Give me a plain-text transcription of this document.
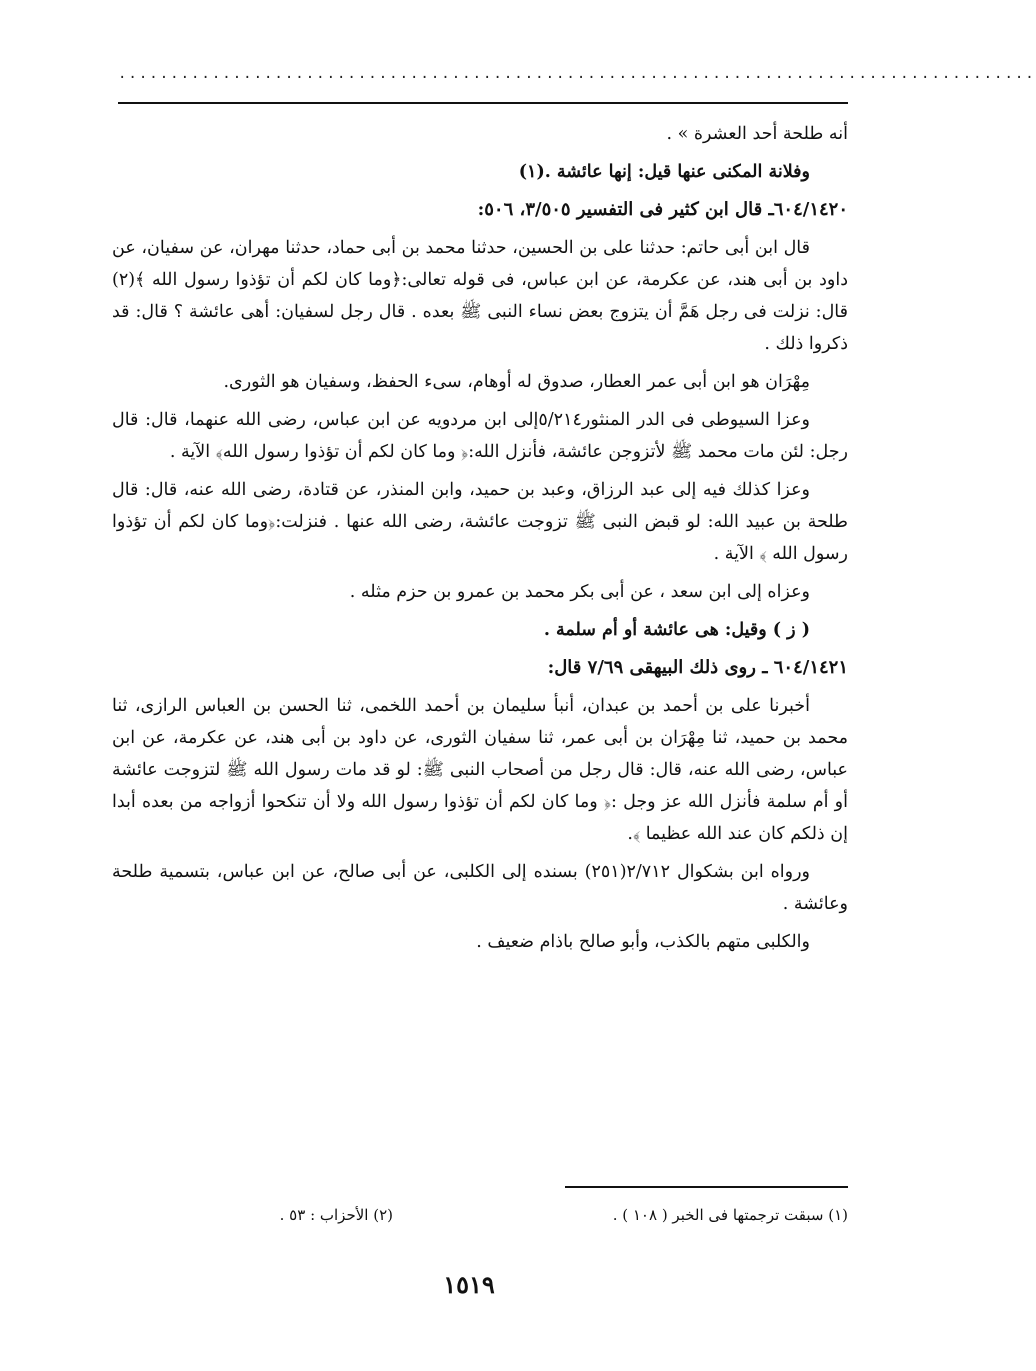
........................................................................................

أنه طلحة أحد العشرة » .

وفلانة المكنى عنها قيل: إنها عائشة .(١)

٦٠٤/١٤٢٠ـ قال ابن كثير فى التفسير ٣/٥٠٥، ٥٠٦:

قال ابن أبى حاتم: حدثنا على بن الحسين، حدثنا محمد بن أبى حماد، حدثنا مهران، عن سفيان، عن داود بن أبى هند، عن عكرمة، عن ابن عباس، فى قوله تعالى:﴿وما كان لكم أن تؤذوا رسول الله ﴾(٢) قال: نزلت فى رجل هَمَّ أن يتزوج بعض نساء النبى ﷺ بعده . قال رجل لسفيان: أهى عائشة ؟ قال: قد ذكروا ذلك .

مِهْرَان هو ابن أبى عمر العطار، صدوق له أوهام، سىء الحفظ، وسفيان هو الثورى.

وعزا السيوطى فى الدر المنثور٥/٢١٤إلى ابن مردويه عن ابن عباس، رضى الله عنهما، قال: قال رجل: لئن مات محمد ﷺ لأتزوجن عائشة، فأنزل الله:﴿ وما كان لكم أن تؤذوا رسول الله﴾ الآية .

وعزا كذلك فيه إلى عبد الرزاق، وعبد بن حميد، وابن المنذر، عن قتادة، رضى الله عنه، قال: قال طلحة بن عبيد الله: لو قبض النبى ﷺ تزوجت عائشة، رضى الله عنها . فنزلت:﴿وما كان لكم أن تؤذوا رسول الله ﴾ الآية .

وعزاه إلى ابن سعد ، عن أبى بكر محمد بن عمرو بن حزم مثله .

( ز ) وقيل: هى عائشة أو أم سلمة .

٦٠٤/١٤٢١ ـ روى ذلك البيهقى ٧/٦٩ قال:

أخبرنا على بن أحمد بن عبدان، أنبأ سليمان بن أحمد اللخمى، ثنا الحسن بن العباس الرازى، ثنا محمد بن حميد، ثنا مِهْرَان بن أبى عمر، ثنا سفيان الثورى، عن داود بن أبى هند، عن عكرمة، عن ابن عباس، رضى الله عنه، قال: قال رجل من أصحاب النبى ﷺ: لو قد مات رسول الله ﷺ لتزوجت عائشة أو أم سلمة فأنزل الله عز وجل :﴿ وما كان لكم أن تؤذوا رسول الله ولا أن تنكحوا أزواجه من بعده أبدا إن ذلكم كان عند الله عظيما ﴾.

ورواه ابن بشكوال ٢/٧١٢(٢٥١) بسنده إلى الكلبى، عن أبى صالح، عن ابن عباس، بتسمية طلحة وعائشة .

والكلبى متهم بالكذب، وأبو صالح باذام ضعيف .

(١) سبقت ترجمتها فى الخبر ( ١٠٨ ) .
(٢) الأحزاب : ٥٣ .
١٥١٩
